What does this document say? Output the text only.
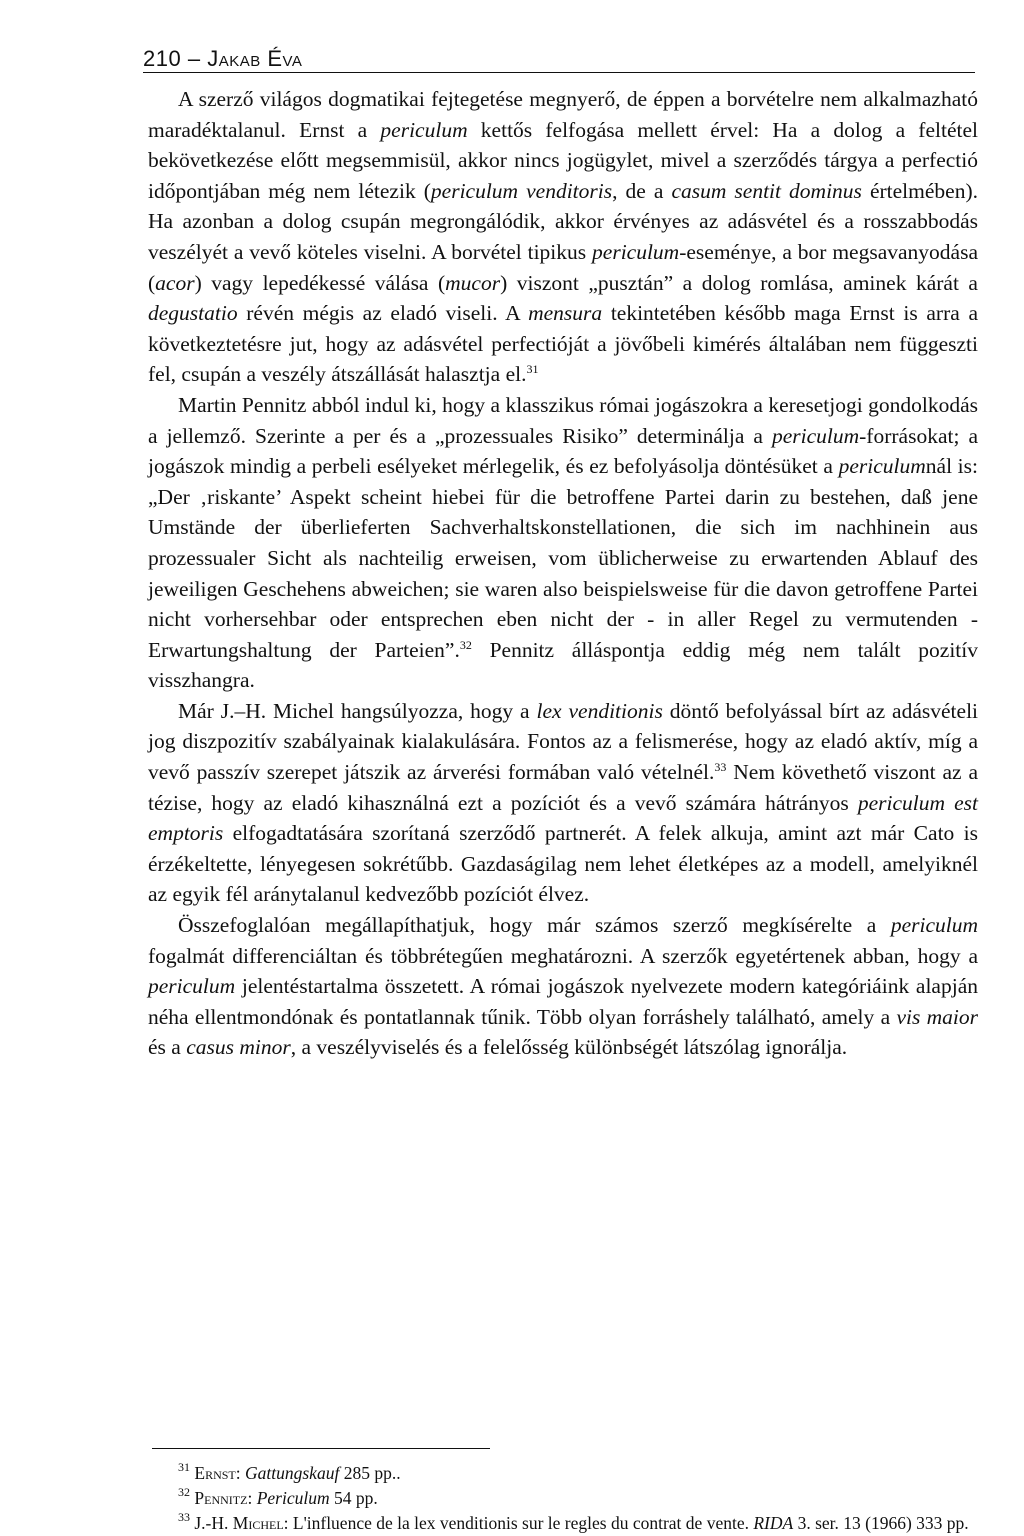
210 – Jakab Éva

A szerző világos dogmatikai fejtegetése megnyerő, de éppen a borvételre nem alkalmazható maradéktalanul. Ernst a periculum kettős felfogása mellett érvel: Ha a dolog a feltétel bekövetkezése előtt megsemmisül, akkor nincs jogügylet, mivel a szerződés tárgya a perfectió időpontjában még nem létezik (periculum venditoris, de a casum sentit dominus értelmében). Ha azonban a dolog csupán megrongálódik, akkor érvényes az adásvétel és a rosszabbodás veszélyét a vevő köteles viselni. A borvétel tipikus periculum-eseménye, a bor megsavanyodása (acor) vagy lepedékessé válása (mucor) viszont „pusztán” a dolog romlása, aminek kárát a degustatio révén mégis az eladó viseli. A mensura tekintetében később maga Ernst is arra a következtetésre jut, hogy az adásvétel perfectióját a jövőbeli kimérés általában nem függeszti fel, csupán a veszély átszállását halasztja el.$^{31}$

Martin Pennitz abból indul ki, hogy a klasszikus római jogászokra a keresetjogi gondolkodás a jellemző. Szerinte a per és a „prozessuales Risiko” determinálja a periculum-forrásokat; a jogászok mindig a perbeli esélyeket mérlegelik, és ez befolyásolja döntésüket a periculumnál is: „Der ‚riskante’ Aspekt scheint hiebei für die betroffene Partei darin zu bestehen, daß jene Umstände der überlieferten Sachverhaltskonstellationen, die sich im nachhinein aus prozessualer Sicht als nachteilig erweisen, vom üblicherweise zu erwartenden Ablauf des jeweiligen Geschehens abweichen; sie waren also beispielsweise für die davon getroffene Partei nicht vorhersehbar oder entsprechen eben nicht der - in aller Regel zu vermutenden - Erwartungshaltung der Parteien”.$^{32}$ Pennitz álláspontja eddig még nem talált pozitív visszhangra.

Már J.–H. Michel hangsúlyozza, hogy a lex venditionis döntő befolyással bírt az adásvételi jog diszpozitív szabályainak kialakulására. Fontos az a felismerése, hogy az eladó aktív, míg a vevő passzív szerepet játszik az árverési formában való vételnél.$^{33}$ Nem követhető viszont az a tézise, hogy az eladó kihasználná ezt a pozíciót és a vevő számára hátrányos periculum est emptoris elfogadtatására szorítaná szerződő partnerét. A felek alkuja, amint azt már Cato is érzékeltette, lényegesen sokrétűbb. Gazdaságilag nem lehet életképes az a modell, amelyiknél az egyik fél aránytalanul kedvezőbb pozíciót élvez.

Összefoglalóan megállapíthatjuk, hogy már számos szerző megkísérelte a periculum fogalmát differenciáltan és többrétegűen meghatározni. A szerzők egyetértenek abban, hogy a periculum jelentéstartalma összetett. A római jogászok nyelvezete modern kategóriáink alapján néha ellentmondónak és pontatlannak tűnik. Több olyan forráshely található, amely a vis maior és a casus minor, a veszélyviselés és a felelősség különbségét látszólag ignorálja.

$^{31}$ Ernst: Gattungskauf 285 pp..
$^{32}$ Pennitz: Periculum 54 pp.
$^{33}$ J.-H. Michel: L'influence de la lex venditionis sur le regles du contrat de vente. RIDA 3. ser. 13 (1966) 333 pp.
